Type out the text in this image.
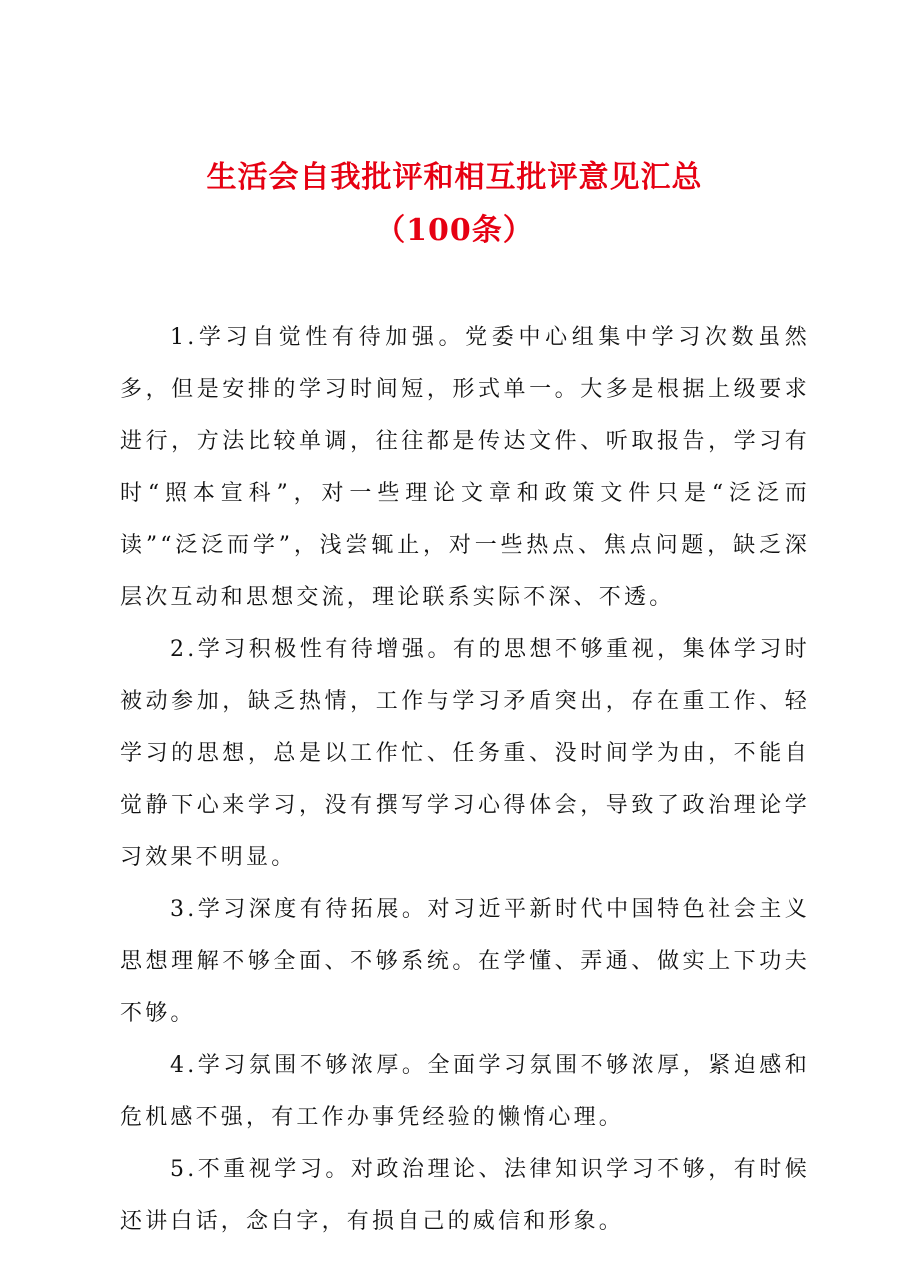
生活会自我批评和相互批评意见汇总
（100条）

1.学习自觉性有待加强。党委中心组集中学习次数虽然多，但是安排的学习时间短，形式单一。大多是根据上级要求进行，方法比较单调，往往都是传达文件、听取报告，学习有时“照本宣科”，对一些理论文章和政策文件只是“泛泛而读”“泛泛而学”，浅尝辄止，对一些热点、焦点问题，缺乏深层次互动和思想交流，理论联系实际不深、不透。

2.学习积极性有待增强。有的思想不够重视，集体学习时被动参加，缺乏热情，工作与学习矛盾突出，存在重工作、轻学习的思想，总是以工作忙、任务重、没时间学为由，不能自觉静下心来学习，没有撰写学习心得体会，导致了政治理论学习效果不明显。

3.学习深度有待拓展。对习近平新时代中国特色社会主义思想理解不够全面、不够系统。在学懂、弄通、做实上下功夫不够。

4.学习氛围不够浓厚。全面学习氛围不够浓厚，紧迫感和危机感不强，有工作办事凭经验的懒惰心理。

5.不重视学习。对政治理论、法律知识学习不够，有时候还讲白话，念白字，有损自己的威信和形象。
